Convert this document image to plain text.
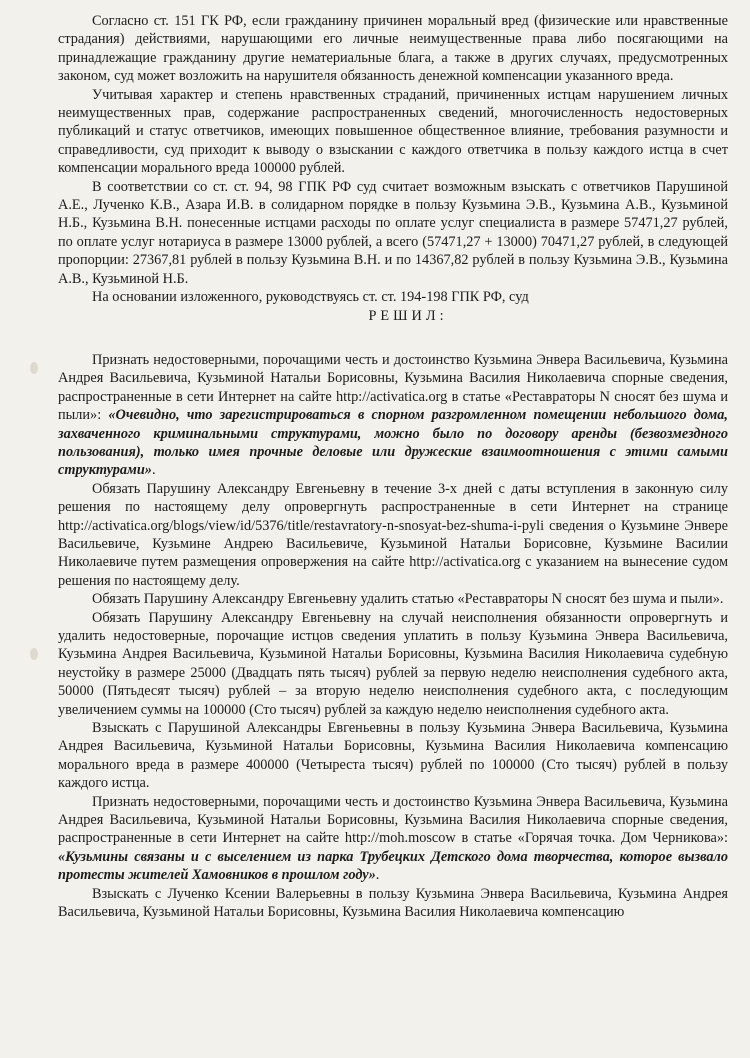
Согласно ст. 151 ГК РФ, если гражданину причинен моральный вред (физические или нравственные страдания) действиями, нарушающими его личные неимущественные права либо посягающими на принадлежащие гражданину другие нематериальные блага, а также в других случаях, предусмотренных законом, суд может возложить на нарушителя обязанность денежной компенсации указанного вреда.

Учитывая характер и степень нравственных страданий, причиненных истцам нарушением личных неимущественных прав, содержание распространенных сведений, многочисленность недостоверных публикаций и статус ответчиков, имеющих повышенное общественное влияние, требования разумности и справедливости, суд приходит к выводу о взыскании с каждого ответчика в пользу каждого истца в счет компенсации морального вреда 100000 рублей.

В соответствии со ст. ст. 94, 98 ГПК РФ суд считает возможным взыскать с ответчиков Парушиной А.Е., Лученко К.В., Азара И.В. в солидарном порядке в пользу Кузьмина Э.В., Кузьмина А.В., Кузьминой Н.Б., Кузьмина В.Н. понесенные истцами расходы по оплате услуг специалиста в размере 57471,27 рублей, по оплате услуг нотариуса в размере 13000 рублей, а всего (57471,27 + 13000) 70471,27 рублей, в следующей пропорции: 27367,81 рублей в пользу Кузьмина В.Н. и по 14367,82 рублей в пользу Кузьмина Э.В., Кузьмина А.В., Кузьминой Н.Б.

На основании изложенного, руководствуясь ст. ст. 194-198 ГПК РФ, суд

РЕШИЛ:

Признать недостоверными, порочащими честь и достоинство Кузьмина Энвера Васильевича, Кузьмина Андрея Васильевича, Кузьминой Натальи Борисовны, Кузьмина Василия Николаевича спорные сведения, распространенные в сети Интернет на сайте http://activatica.org в статье «Реставраторы N сносят без шума и пыли»: «Очевидно, что зарегистрироваться в спорном разгромленном помещении небольшого дома, захваченного криминальными структурами, можно было по договору аренды (безвозмездного пользования), только имея прочные деловые или дружеские взаимоотношения с этими самыми структурами».

Обязать Парушину Александру Евгеньевну в течение 3-х дней с даты вступления в законную силу решения по настоящему делу опровергнуть распространенные в сети Интернет на странице http://activatica.org/blogs/view/id/5376/title/restavratory-n-snosyat-bez-shuma-i-pyli сведения о Кузьмине Энвере Васильевиче, Кузьмине Андрею Васильевиче, Кузьминой Натальи Борисовне, Кузьмине Василии Николаевиче путем размещения опровержения на сайте http://activatica.org с указанием на вынесение судом решения по настоящему делу.

Обязать Парушину Александру Евгеньевну удалить статью «Реставраторы N сносят без шума и пыли».

Обязать Парушину Александру Евгеньевну на случай неисполнения обязанности опровергнуть и удалить недостоверные, порочащие истцов сведения уплатить в пользу Кузьмина Энвера Васильевича, Кузьмина Андрея Васильевича, Кузьминой Натальи Борисовны, Кузьмина Василия Николаевича судебную неустойку в размере 25000 (Двадцать пять тысяч) рублей за первую неделю неисполнения судебного акта, 50000 (Пятьдесят тысяч) рублей – за вторую неделю неисполнения судебного акта, с последующим увеличением суммы на 100000 (Сто тысяч) рублей за каждую неделю неисполнения судебного акта.

Взыскать с Парушиной Александры Евгеньевны в пользу Кузьмина Энвера Васильевича, Кузьмина Андрея Васильевича, Кузьминой Натальи Борисовны, Кузьмина Василия Николаевича компенсацию морального вреда в размере 400000 (Четыреста тысяч) рублей по 100000 (Сто тысяч) рублей в пользу каждого истца.

Признать недостоверными, порочащими честь и достоинство Кузьмина Энвера Васильевича, Кузьмина Андрея Васильевича, Кузьминой Натальи Борисовны, Кузьмина Василия Николаевича спорные сведения, распространенные в сети Интернет на сайте http://moh.moscow в статье «Горячая точка. Дом Черникова»: «Кузьмины связаны и с выселением из парка Трубецких Детского дома творчества, которое вызвало протесты жителей Хамовников в прошлом году».

Взыскать с Лученко Ксении Валерьевны в пользу Кузьмина Энвера Васильевича, Кузьмина Андрея Васильевича, Кузьминой Натальи Борисовны, Кузьмина Василия Николаевича компенсацию
